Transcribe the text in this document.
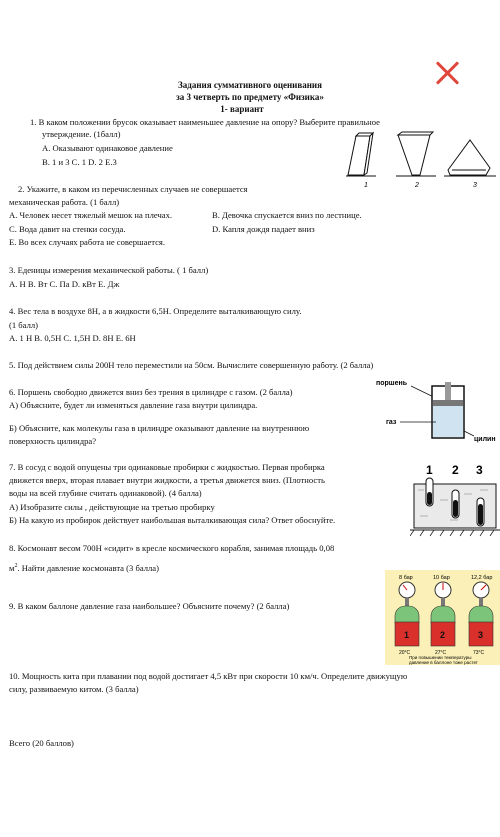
Задания суммативного оценивания
за 3 четверть по предмету «Физика»
1- вариант
1. В каком положении брусок оказывает наименьшее давление на опору? Выберите правильное
утверждение. (1балл)
А. Оказывают одинаковое давление
В. 1 и 3 С. 1 D. 2 Е.3
1	2	3
2. Укажите, в каком из перечисленных случаев не совершается
механическая работа. (1 балл)
А. Человек несет тяжелый мешок на плечах.	В. Девочка спускается вниз по лестнице.
С. Вода давит на стенки сосуда.	D. Капля дождя падает вниз
Е. Во всех случаях работа не совершается.
3. Еденицы измерения механической работы. ( 1 балл)
А. Н В. Вт С. Па D. кВт Е. Дж
4. Вес тела в воздухе 8Н, а в жидкости 6,5Н. Определите выталкивающую силу.
(1 балл)
А. 1 Н В. 0,5Н С. 1,5Н D. 8Н Е. 6Н
5. Под действием силы 200Н тело переместили на 50см. Вычислите совершенную работу. (2 балла)
6. Поршень свободно движется вниз без трения в цилиндре с газом. (2 балла)
А) Объясните, будет ли изменяться давление газа внутри цилиндра.
Б) Объясните, как молекулы газа в цилиндре оказывают давление на внутреннюю
поверхность цилиндра?
поршень
газ
цилин
7. В сосуд с водой опущены три одинаковые пробирки с жидкостью. Первая пробирка
движется вверх, вторая плавает внутри жидкости, а третья движется вниз. (Плотность
воды на всей глубине считать одинаковой). (4 балла)
А) Изобразите силы , действующие на третью пробирку
Б) На какую из пробирок действует наибольшая выталкивающая сила? Ответ обоснуйте.
1 2 3
8. Космонавт весом 700Н «сидит» в кресле космического корабля, занимая площадь 0,08
$м^2$. Найти давление космонавта (3 балла)
9. В каком баллоне давление газа наибольшее? Объясните почему? (2 балла)
8 бар
1
20°C
10 бар
2
27°C
12,2 бар
3
73°C
При повышении температуры
давление в баллоне тоже растет
10. Мощность кита при плавании под водой достигает 4,5 кВт при скорости 10 км/ч. Определите движущую
силу, развиваемую китом. (3 балла)
Всего (20 баллов)
